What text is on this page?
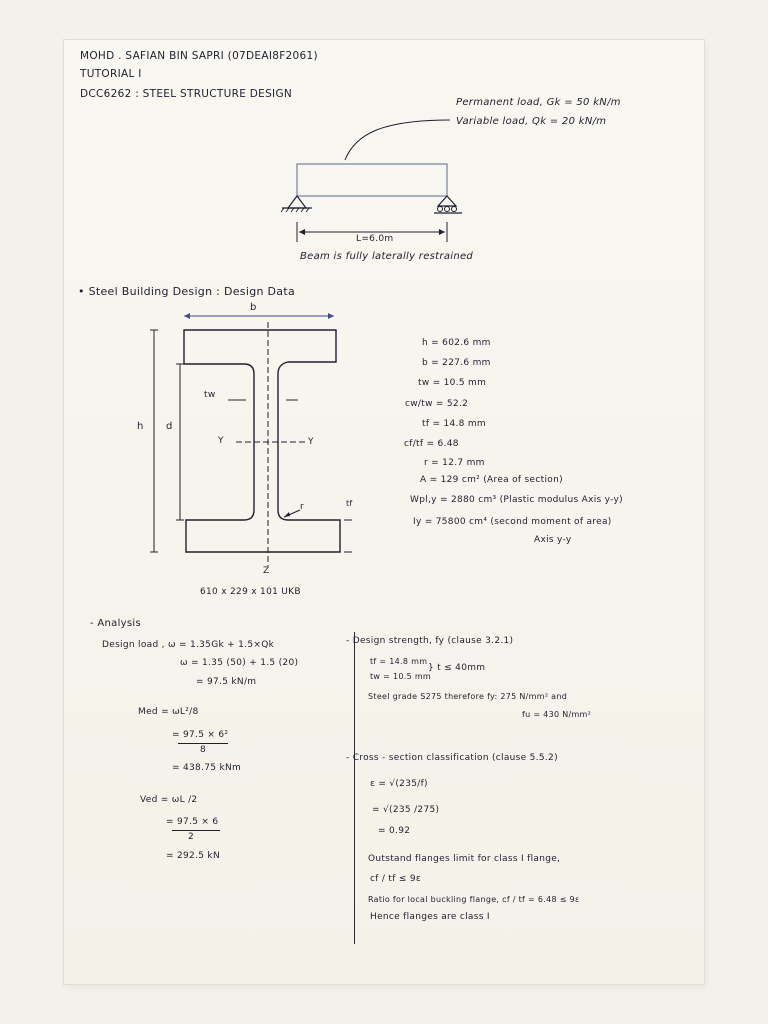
MOHD . SAFIAN BIN SAPRI (07DEAI8F2061)
TUTORIAL I
DCC6262 : STEEL STRUCTURE DESIGN
Permanent load, Gk = 50 kN/m
Variable load, Qk = 20 kN/m
L=6.0m
Beam is fully laterally restrained
• Steel Building Design : Design Data
b
h d
tw
Y	Y
r	tf
Z
610 x 229 x 101 UKB
h = 602.6 mm
b = 227.6 mm
tw = 10.5 mm
cw/tw = 52.2
tf = 14.8 mm
cf/tf = 6.48
r = 12.7 mm
A = 129 cm² (Area of section)
Wpl,y = 2880 cm³ (Plastic modulus Axis y-y)
Iy = 75800 cm⁴ (second moment of area)
Axis y-y
- Analysis
Design load , ω = 1.35Gk + 1.5×Qk
ω = 1.35 (50) + 1.5 (20)
= 97.5 kN/m
Med = ωL²/8
= 97.5 × 6²
8
= 438.75 kNm
Ved = ωL /2
= 97.5 × 6
2
= 292.5 kN
- Design strength, fy (clause 3.2.1)
tf = 14.8 mm
tw = 10.5 mm
} t ≤ 40mm
Steel grade S275 therefore fy: 275 N/mm² and
fu = 430 N/mm²
- Cross - section classification (clause 5.5.2)
ε = √(235/f)
= √(235 /275)
= 0.92
Outstand flanges limit for class I flange,
cf / tf ≤ 9ε
Ratio for local buckling flange, cf / tf = 6.48 ≤ 9ε
Hence flanges are class I
